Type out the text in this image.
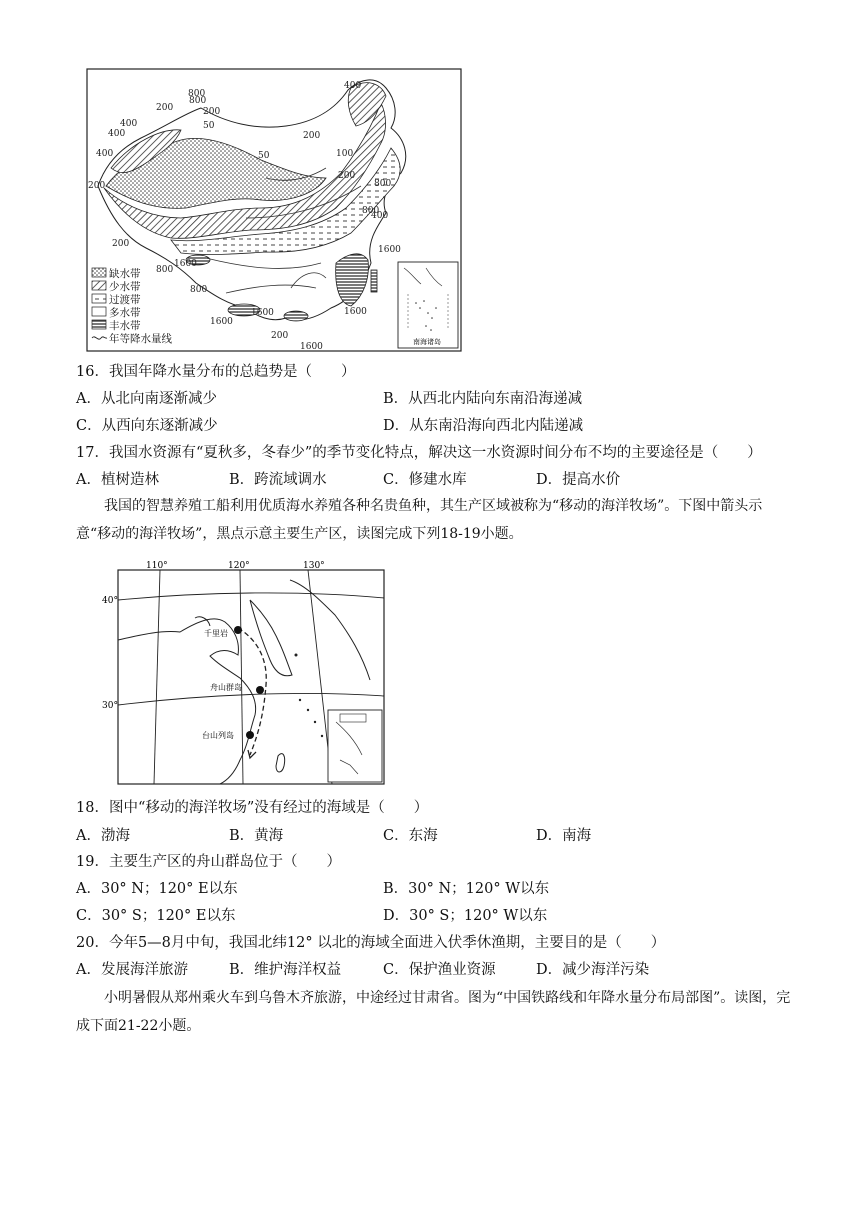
800
200
400
400
200
50
50
200
400
100
200
200	800
200
800
1600
1600
1600
1600	1600
1600
800
800
400
200
400
800
缺水带
少水带
过渡带
多水带
丰水带
年等降水量线	南海诸岛
16．我国年降水量分布的总趋势是（　　）
A．从北向南逐渐减少	B．从西北内陆向东南沿海递减
C．从西向东逐渐减少	D．从东南沿海向西北内陆递减
17．我国水资源有“夏秋多，冬春少”的季节变化特点，解决这一水资源时间分布不均的主要途径是（　　）
A．植树造林	B．跨流域调水	C．修建水库	D．提高水价
我国的智慧养殖工船利用优质海水养殖各种名贵鱼种，其生产区域被称为“移动的海洋牧场”。下图中箭头示意“移动的海洋牧场”，黑点示意主要生产区，读图完成下列18-19小题。
110°	120°	130°
40°
30°
千里岩
舟山群岛
台山列岛
18．图中“移动的海洋牧场”没有经过的海域是（　　）
A．渤海	B．黄海	C．东海	D．南海
19．主要生产区的舟山群岛位于（　　）
A．30° N；120° E以东	B．30° N；120° W以东
C．30° S；120° E以东	D．30° S；120° W以东
20．今年5—8月中旬，我国北纬12° 以北的海域全面进入伏季休渔期，主要目的是（　　）
A．发展海洋旅游	B．维护海洋权益	C．保护渔业资源	D．减少海洋污染
小明暑假从郑州乘火车到乌鲁木齐旅游，中途经过甘肃省。图为“中国铁路线和年降水量分布局部图”。读图，完成下面21-22小题。
